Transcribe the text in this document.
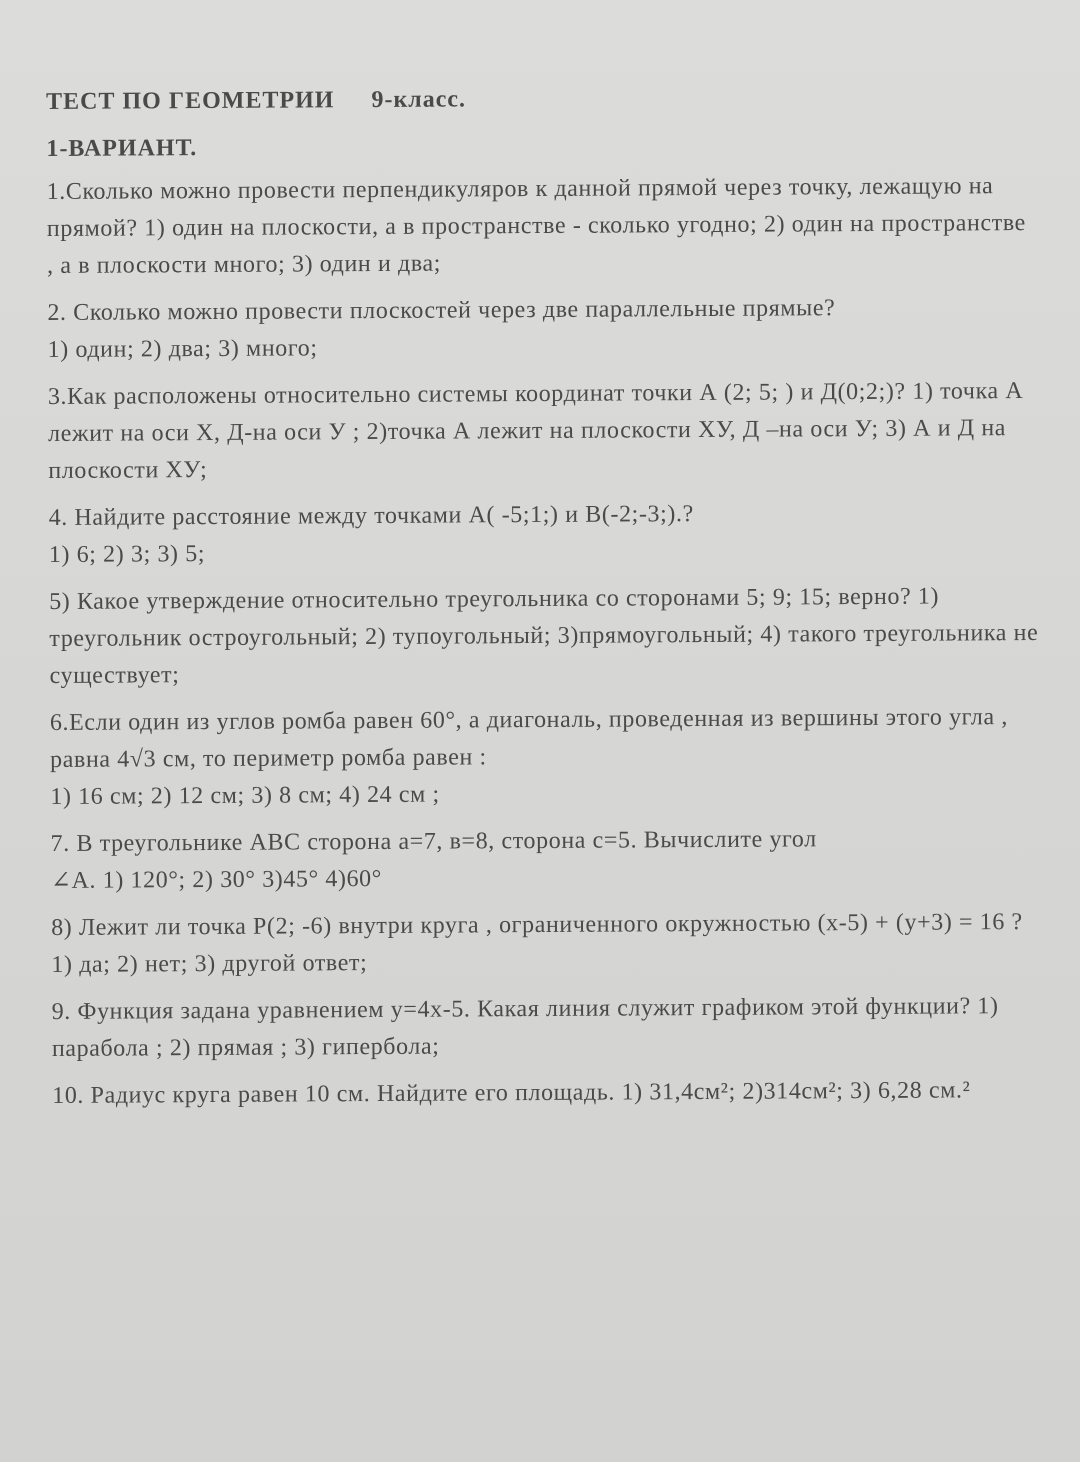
ТЕСТ ПО ГЕОМЕТРИИ 9-класс.
1-ВАРИАНТ.

1.Сколько можно провести перпендикуляров к данной прямой через точку, лежащую на прямой? 1) один на плоскости, а в пространстве - сколько угодно; 2) один на пространстве , а в плоскости много; 3) один и два;

2. Сколько можно провести плоскостей через две параллельные прямые?

1) один; 2) два; 3) много;

3.Как расположены относительно системы координат точки А (2; 5; ) и Д(0;2;)? 1) точка А лежит на оси X, Д-на оси У ; 2)точка А лежит на плоскости XУ, Д –на оси У; 3) А и Д на плоскости XУ;

4. Найдите расстояние между точками А( -5;1;) и В(-2;-3;).?

1) 6; 2) 3; 3) 5;

5) Какое утверждение относительно треугольника со сторонами 5; 9; 15; верно? 1) треугольник остроугольный; 2) тупоугольный; 3)прямоугольный; 4) такого треугольника не существует;

6.Если один из углов ромба равен 60°, а диагональ, проведенная из вершины этого угла , равна 4√3 см, то периметр ромба равен :

1) 16 см; 2) 12 см; 3) 8 см; 4) 24 см ;

7. В треугольнике ABC сторона а=7, в=8, сторона с=5. Вычислите угол

∠A. 1) 120°; 2) 30° 3)45° 4)60°

8) Лежит ли точка P(2; -6) внутри круга , ограниченного окружностью (x-5) + (y+3) = 16 ? 1) да; 2) нет; 3) другой ответ;

9. Функция задана уравнением y=4x-5. Какая линия служит графиком этой функции? 1) парабола ; 2) прямая ; 3) гипербола;

10. Радиус круга равен 10 см. Найдите его площадь. 1) 31,4см²; 2)314см²; 3) 6,28 см.²
